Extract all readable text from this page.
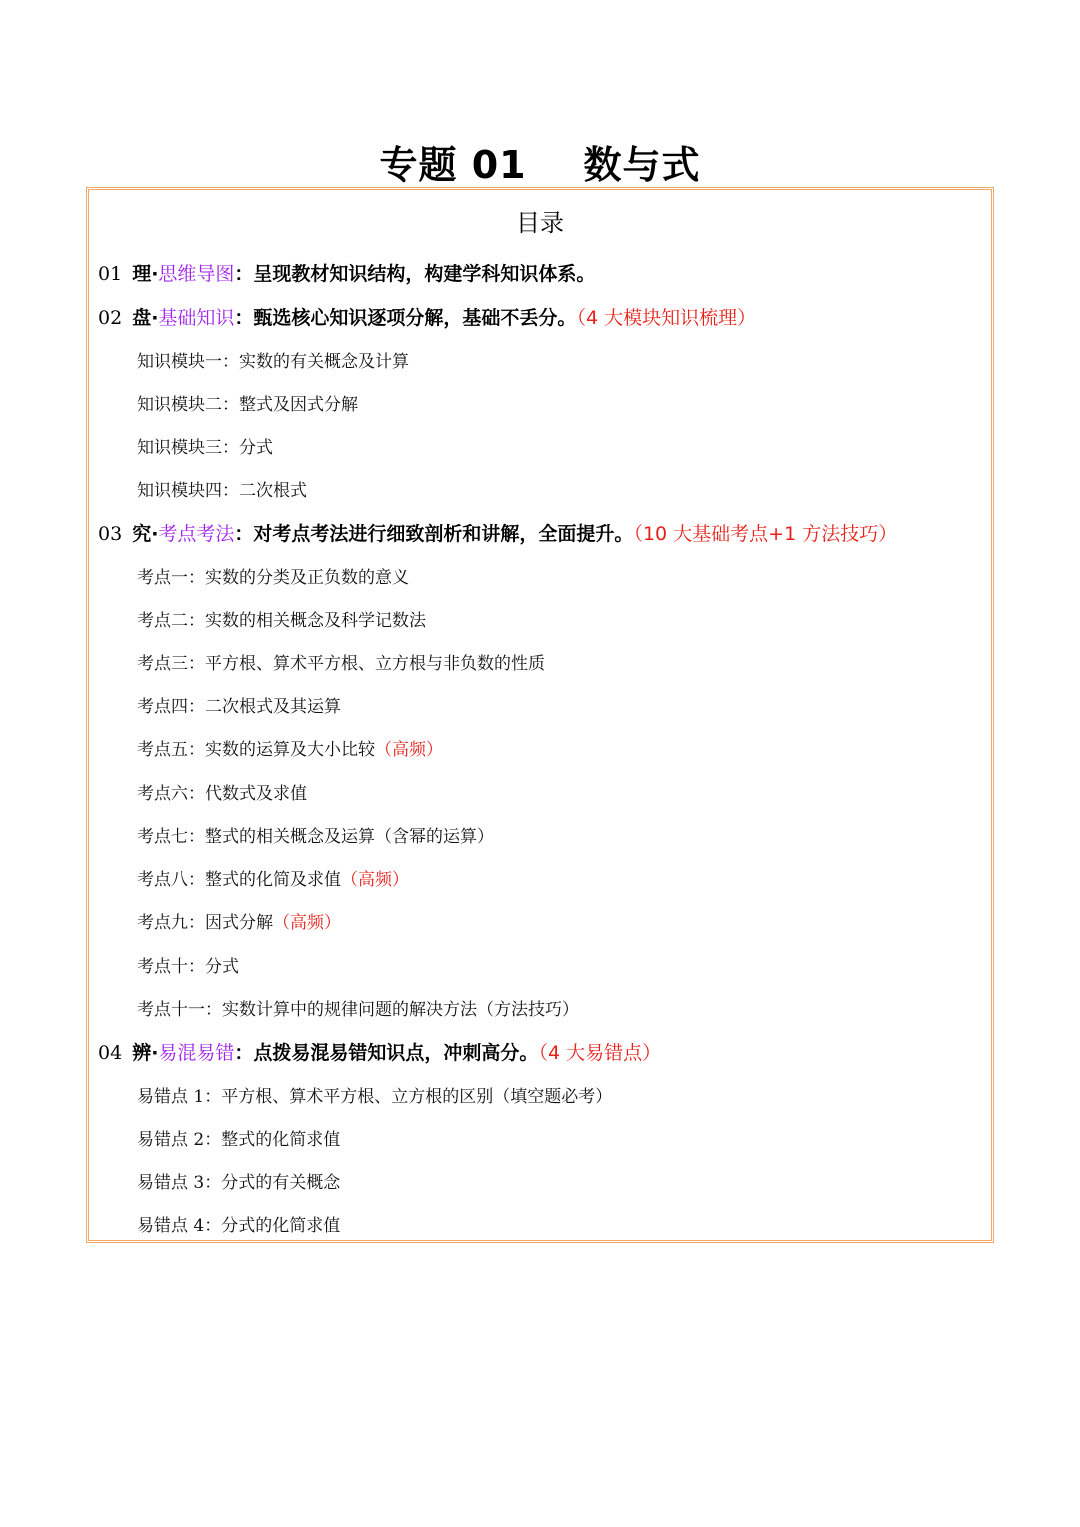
专题 01    数与式
目录
01 理·思维导图：呈现教材知识结构，构建学科知识体系。
02 盘·基础知识：甄选核心知识逐项分解，基础不丢分。（4 大模块知识梳理）
知识模块一：实数的有关概念及计算
知识模块二：整式及因式分解
知识模块三：分式
知识模块四：二次根式
03 究·考点考法：对考点考法进行细致剖析和讲解，全面提升。（10 大基础考点+1 方法技巧）
考点一：实数的分类及正负数的意义
考点二：实数的相关概念及科学记数法
考点三：平方根、算术平方根、立方根与非负数的性质
考点四：二次根式及其运算
考点五：实数的运算及大小比较（高频）
考点六：代数式及求值
考点七：整式的相关概念及运算（含幂的运算）
考点八：整式的化简及求值（高频）
考点九：因式分解（高频）
考点十：分式
考点十一：实数计算中的规律问题的解决方法（方法技巧）
04 辨·易混易错：点拨易混易错知识点，冲刺高分。（4 大易错点）
易错点 1：平方根、算术平方根、立方根的区别（填空题必考）
易错点 2：整式的化简求值
易错点 3：分式的有关概念
易错点 4：分式的化简求值
